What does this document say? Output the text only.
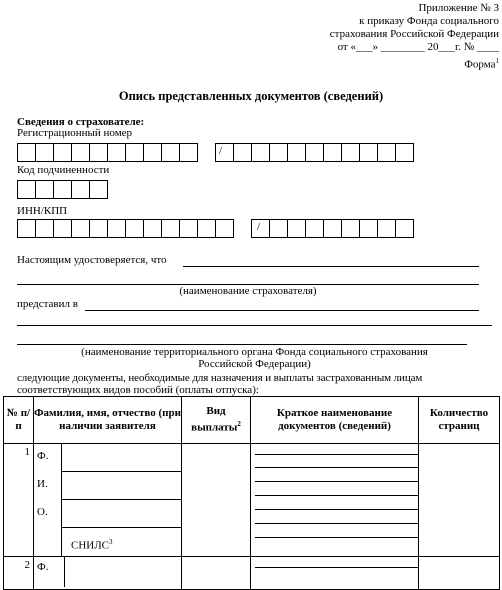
Приложение № 3
к приказу Фонда социального
страхования Российской Федерации
от «___» ________ 20___г. № ____
Форма$^1$
Опись представленных документов (сведений)
Сведения о страхователе:
Регистрационный номер
/
Код подчиненности
ИНН/КПП
/
Настоящим удостоверяется, что
(наименование страхователя)
представил в
(наименование территориального органа Фонда социального страхования
Российской Федерации)
следующие документы, необходимые для назначения и выплаты застрахованным лицам
соответствующих видов пособий (оплаты отпуска):
№ п/п	Фамилия, имя, отчество (при наличии заявителя	Вид выплаты$^2$	Краткое наименование документов (сведений)	Количество страниц
1	Ф.
И.
О.
СНИЛС$^3$

2	Ф.			
